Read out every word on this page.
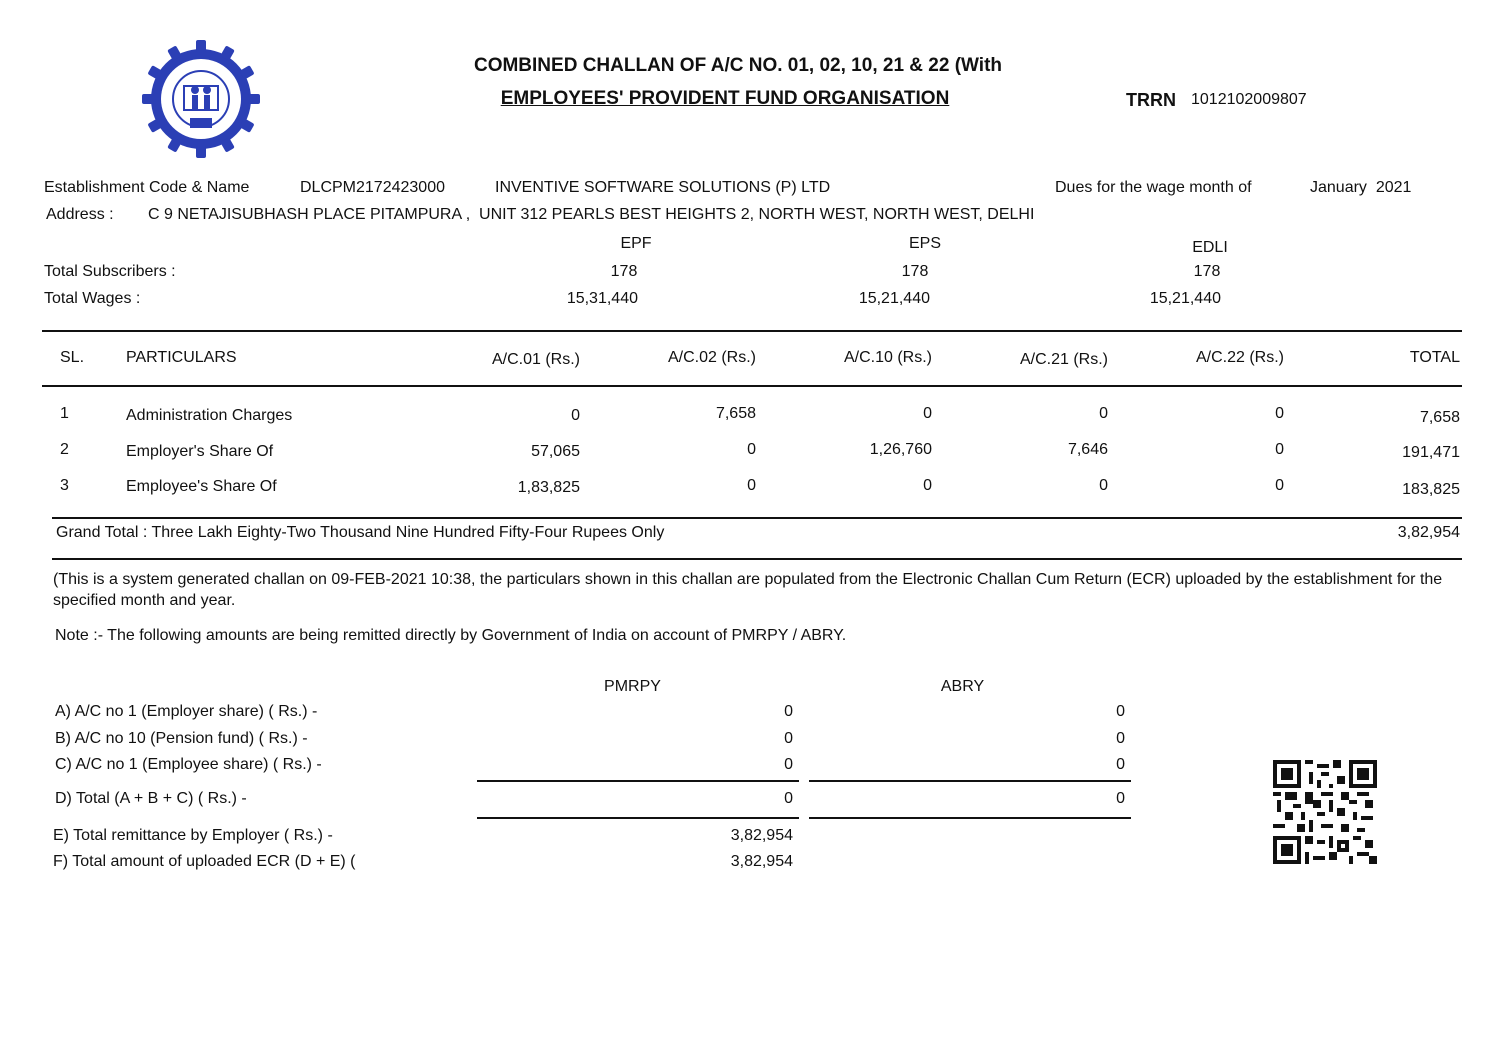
COMBINED CHALLAN OF A/C NO. 01, 02, 10, 21 & 22 (With
EMPLOYEES' PROVIDENT FUND ORGANISATION	TRRN 1012102009807
Establishment Code & Name	DLCPM2172423000	INVENTIVE SOFTWARE SOLUTIONS (P) LTD	Dues for the wage month of	January  2021
Address : C 9 NETAJISUBHASH PLACE PITAMPURA ,  UNIT 312 PEARLS BEST HEIGHTS 2, NORTH WEST, NORTH WEST, DELHI
EPF	EPS	EDLI
Total Subscribers :	178	178	178
Total Wages :	15,31,440	15,21,440	15,21,440
SL.	PARTICULARS	A/C.01 (Rs.)	A/C.02 (Rs.)	A/C.10 (Rs.)	A/C.21 (Rs.)	A/C.22 (Rs.)	TOTAL
1	Administration Charges	0	7,658	0	0	0	7,658
2	Employer's Share Of	57,065	0	1,26,760	7,646	0	191,471
3	Employee's Share Of	1,83,825	0	0	0	0	183,825
Grand Total : Three Lakh Eighty-Two Thousand Nine Hundred Fifty-Four Rupees Only	3,82,954
(This is a system generated challan on 09-FEB-2021 10:38, the particulars shown in this challan are populated from the Electronic Challan Cum Return (ECR) uploaded by the establishment for the specified month and year.
Note :- The following amounts are being remitted directly by Government of India on account of PMRPY / ABRY.
PMRPY	ABRY
A) A/C no 1 (Employer share) ( Rs.) -	0	0
B) A/C no 10 (Pension fund) ( Rs.) -	0	0
C) A/C no 1 (Employee share) ( Rs.) -	0	0
D) Total (A + B + C) ( Rs.) -	0	0
E) Total remittance by Employer ( Rs.) -	3,82,954
F) Total amount of uploaded ECR (D + E) (	3,82,954
